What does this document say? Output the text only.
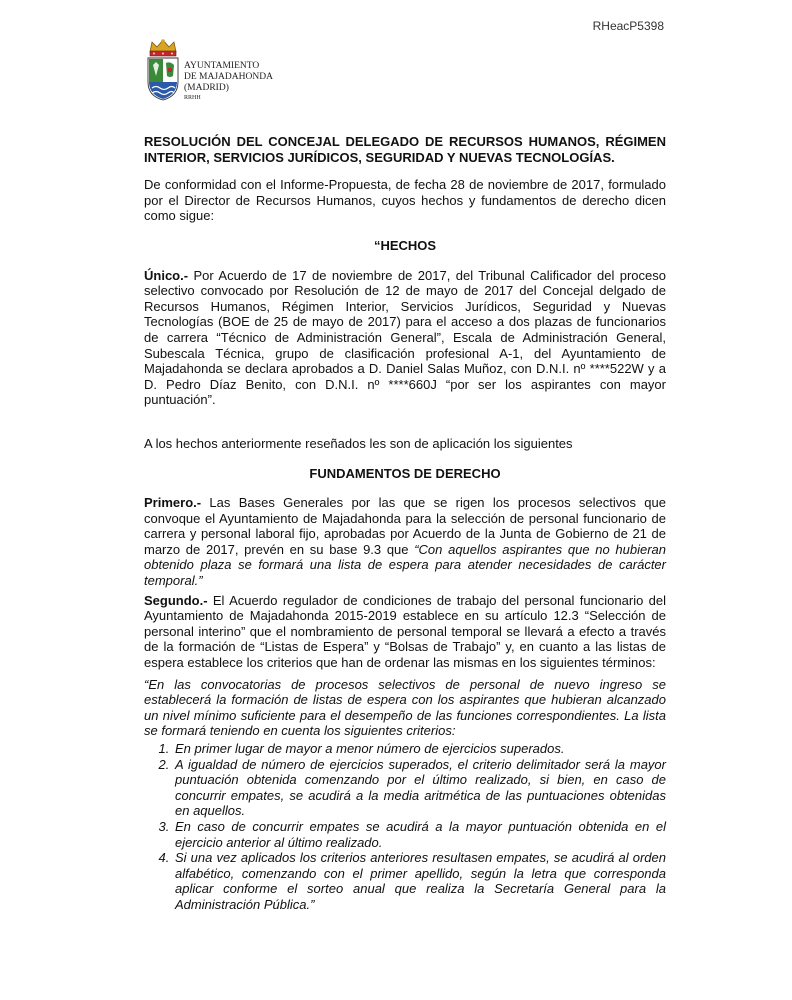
RHeacP5398
AYUNTAMIENTO
DE MAJADAHONDA
(MADRID)
RRHH

RESOLUCIÓN DEL CONCEJAL DELEGADO DE RECURSOS HUMANOS, RÉGIMEN INTERIOR, SERVICIOS JURÍDICOS, SEGURIDAD Y NUEVAS TECNOLOGÍAS.

De conformidad con el Informe-Propuesta, de fecha 28 de noviembre de 2017, formulado por el Director de Recursos Humanos, cuyos hechos y fundamentos de derecho dicen como sigue:

“HECHOS

Único.- Por Acuerdo de 17 de noviembre de 2017, del Tribunal Calificador del proceso selectivo convocado por Resolución de 12 de mayo de 2017 del Concejal delgado de Recursos Humanos, Régimen Interior, Servicios Jurídicos, Seguridad y Nuevas Tecnologías (BOE de 25 de mayo de 2017) para el acceso a dos plazas de funcionarios de carrera “Técnico de Administración General”, Escala de Administración General, Subescala Técnica, grupo de clasificación profesional A-1, del Ayuntamiento de Majadahonda se declara aprobados a D. Daniel Salas Muñoz, con D.N.I. nº ****522W y a D. Pedro Díaz Benito, con D.N.I. nº ****660J “por ser los aspirantes con mayor puntuación”.

A los hechos anteriormente reseñados les son de aplicación los siguientes

FUNDAMENTOS DE DERECHO

Primero.- Las Bases Generales por las que se rigen los procesos selectivos que convoque el Ayuntamiento de Majadahonda para la selección de personal funcionario de carrera y personal laboral fijo, aprobadas por Acuerdo de la Junta de Gobierno de 21 de marzo de 2017, prevén en su base 9.3 que “Con aquellos aspirantes que no hubieran obtenido plaza se formará una lista de espera para atender necesidades de carácter temporal.”

Segundo.- El Acuerdo regulador de condiciones de trabajo del personal funcionario del Ayuntamiento de Majadahonda 2015-2019 establece en su artículo 12.3 “Selección de personal interino” que el nombramiento de personal temporal se llevará a efecto a través de la formación de “Listas de Espera” y “Bolsas de Trabajo” y, en cuanto a las listas de espera establece los criterios que han de ordenar las mismas en los siguientes términos:

“En las convocatorias de procesos selectivos de personal de nuevo ingreso se establecerá la formación de listas de espera con los aspirantes que hubieran alcanzado un nivel mínimo suficiente para el desempeño de las funciones correspondientes. La lista se formará teniendo en cuenta los siguientes criterios:

1. En primer lugar de mayor a menor número de ejercicios superados.
2. A igualdad de número de ejercicios superados, el criterio delimitador será la mayor puntuación obtenida comenzando por el último realizado, si bien, en caso de concurrir empates, se acudirá a la media aritmética de las puntuaciones obtenidas en aquellos.
3. En caso de concurrir empates se acudirá a la mayor puntuación obtenida en el ejercicio anterior al último realizado.
4. Si una vez aplicados los criterios anteriores resultasen empates, se acudirá al orden alfabético, comenzando con el primer apellido, según la letra que corresponda aplicar conforme el sorteo anual que realiza la Secretaría General para la Administración Pública.”
